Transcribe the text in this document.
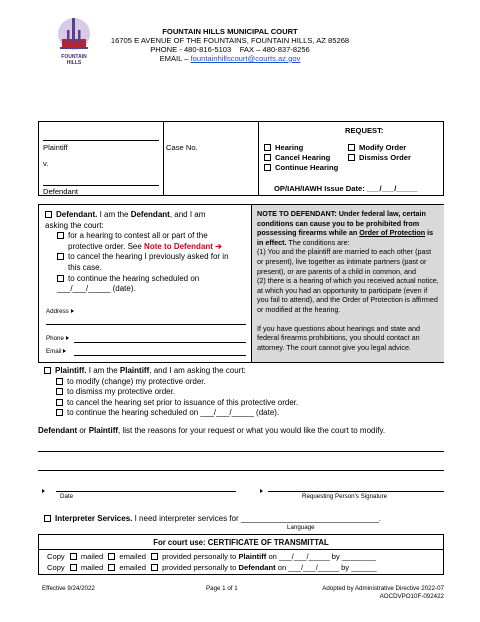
FOUNTAIN
HILLS
FOUNTAIN HILLS MUNICIPAL COURT
16705 E AVENUE OF THE FOUNTAINS, FOUNTAIN HILLS, AZ 85268
PHONE - 480-816-5103 FAX – 480-837-8256
EMAIL – fountainhillscourt@courts.az.gov
Plaintiff
v.
Defendant
Case No.
REQUEST:
Hearing
Cancel Hearing
Continue Hearing
Modify Order
Dismiss Order
OP/IAH/IAWH Issue Date: ___/___/_____
Defendant. I am the Defendant, and I am
asking the court:
for a hearing to contest all or part of the
protective order. See Note to Defendant ➔
to cancel the hearing I previously asked for in
this case.
to continue the hearing scheduled on
___/___/_____ (date).
Address
Phone
Email
NOTE TO DEFENDANT: Under federal law, certain conditions can cause you to be prohibited from possessing firearms while an Order of Protection is in effect. The conditions are:
(1) You and the plaintiff are married to each other (past or present), live together as intimate partners (past or present), or are parents of a child in common, and
(2) there is a hearing of which you received actual notice, at which you had an opportunity to participate (even if you fail to attend), and the Order of Protection is affirmed or modified at the hearing.
If you have questions about hearings and state and federal firearms prohibitions, you should contact an attorney. The court cannot give you legal advice.
Plaintiff. I am the Plaintiff, and I am asking the court:
to modify (change) my protective order.
to dismiss my protective order.
to cancel the hearing set prior to issuance of this protective order.
to continue the hearing scheduled on ___/___/_____ (date).
Defendant or Plaintiff, list the reasons for your request or what you would like the court to modify.
Date	Requesting Person's Signature
Interpreter Services. I need interpreter services for _______________________________.
Language
For court use: CERTIFICATE OF TRANSMITTAL
Copy mailed emailed provided personally to Plaintiff on ___/___/_____ by ________
Copy mailed emailed provided personally to Defendant on ___/___/_____ by ______
Effective 9/24/2022	Page 1 of 1	Adopted by Administrative Directive 2022-07
AOCDVPO10F-092422
